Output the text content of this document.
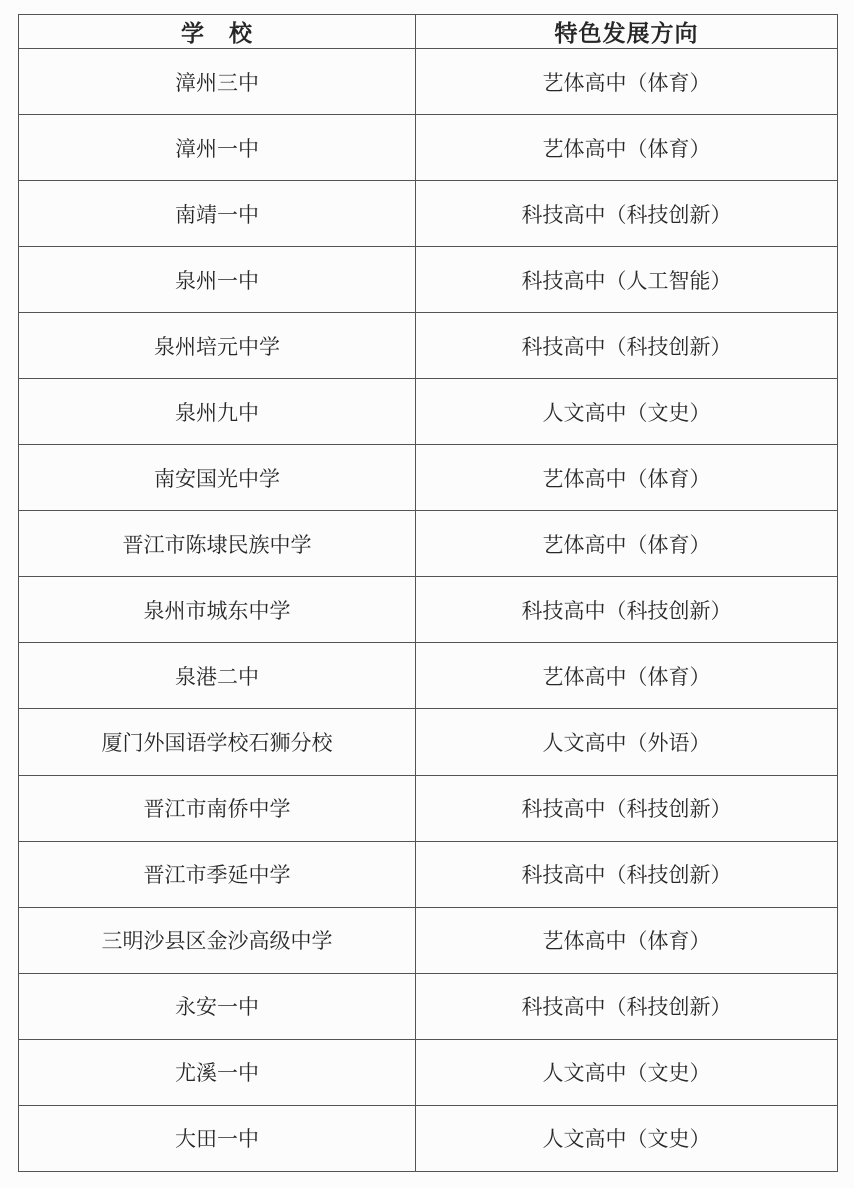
学　校	特色发展方向
漳州三中	艺体高中（体育）
漳州一中	艺体高中（体育）
南靖一中	科技高中（科技创新）
泉州一中	科技高中（人工智能）
泉州培元中学	科技高中（科技创新）
泉州九中	人文高中（文史）
南安国光中学	艺体高中（体育）
晋江市陈埭民族中学	艺体高中（体育）
泉州市城东中学	科技高中（科技创新）
泉港二中	艺体高中（体育）
厦门外国语学校石狮分校	人文高中（外语）
晋江市南侨中学	科技高中（科技创新）
晋江市季延中学	科技高中（科技创新）
三明沙县区金沙高级中学	艺体高中（体育）
永安一中	科技高中（科技创新）
尤溪一中	人文高中（文史）
大田一中	人文高中（文史）
